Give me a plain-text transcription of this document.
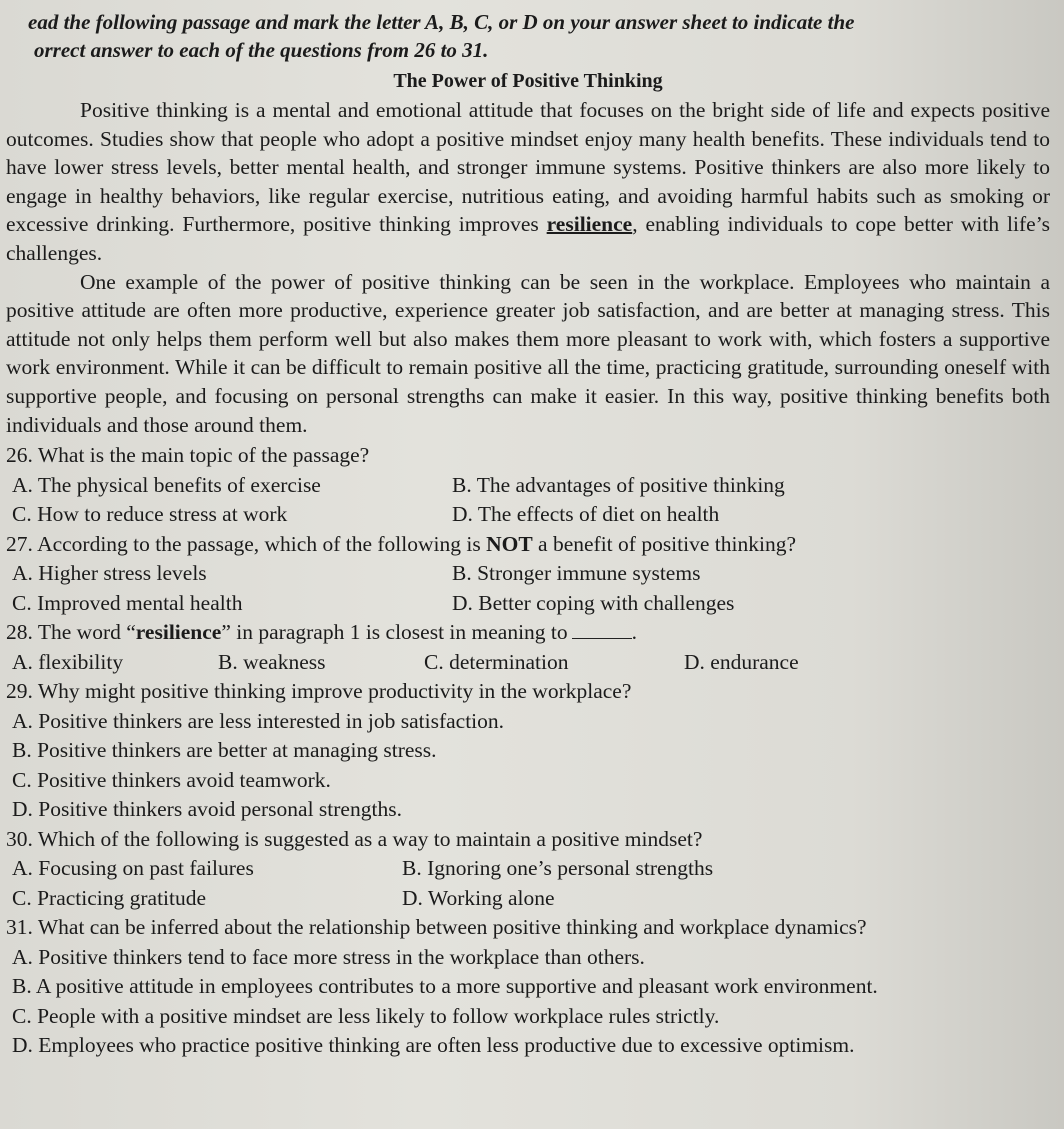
ead the following passage and mark the letter A, B, C, or D on your answer sheet to indicate the

orrect answer to each of the questions from 26 to 31.

The Power of Positive Thinking

Positive thinking is a mental and emotional attitude that focuses on the bright side of life and expects positive outcomes. Studies show that people who adopt a positive mindset enjoy many health benefits. These individuals tend to have lower stress levels, better mental health, and stronger immune systems. Positive thinkers are also more likely to engage in healthy behaviors, like regular exercise, nutritious eating, and avoiding harmful habits such as smoking or excessive drinking. Furthermore, positive thinking improves resilience, enabling individuals to cope better with life’s challenges.

One example of the power of positive thinking can be seen in the workplace. Employees who maintain a positive attitude are often more productive, experience greater job satisfaction, and are better at managing stress. This attitude not only helps them perform well but also makes them more pleasant to work with, which fosters a supportive work environment. While it can be difficult to remain positive all the time, practicing gratitude, surrounding oneself with supportive people, and focusing on personal strengths can make it easier. In this way, positive thinking benefits both individuals and those around them.

26. What is the main topic of the passage?

A. The physical benefits of exercise	B. The advantages of positive thinking
C. How to reduce stress at work	D. The effects of diet on health

27. According to the passage, which of the following is NOT a benefit of positive thinking?

A. Higher stress levels	B. Stronger immune systems
C. Improved mental health	D. Better coping with challenges

28. The word “resilience” in paragraph 1 is closest in meaning to	.

A. flexibility	B. weakness	C. determination	D. endurance

29. Why might positive thinking improve productivity in the workplace?

A. Positive thinkers are less interested in job satisfaction.

B. Positive thinkers are better at managing stress.

C. Positive thinkers avoid teamwork.

D. Positive thinkers avoid personal strengths.

30. Which of the following is suggested as a way to maintain a positive mindset?

A. Focusing on past failures	B. Ignoring one’s personal strengths
C. Practicing gratitude	D. Working alone

31. What can be inferred about the relationship between positive thinking and workplace dynamics?

A. Positive thinkers tend to face more stress in the workplace than others.

B. A positive attitude in employees contributes to a more supportive and pleasant work environment.

C. People with a positive mindset are less likely to follow workplace rules strictly.

D. Employees who practice positive thinking are often less productive due to excessive optimism.
